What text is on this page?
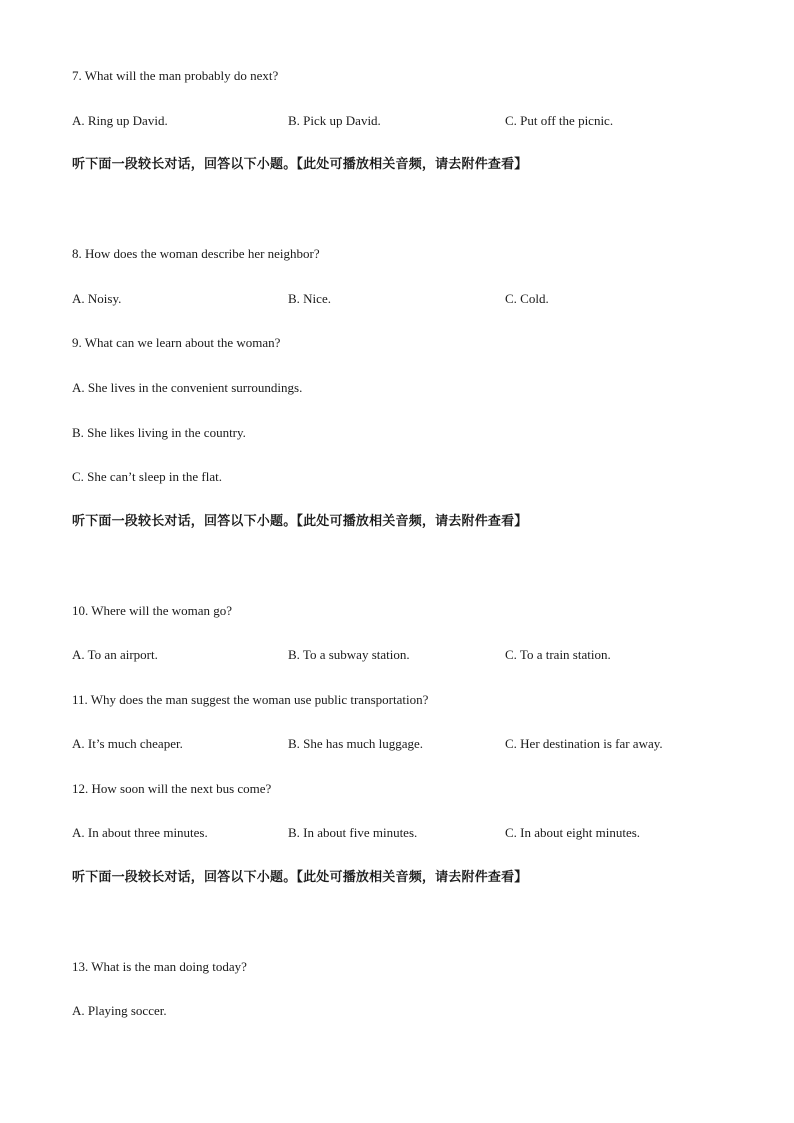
7. What will the man probably do next?
A. Ring up David.	B. Pick up David.	C. Put off the picnic.
听下面一段较长对话，回答以下小题。【此处可播放相关音频，请去附件查看】
8. How does the woman describe her neighbor?
A. Noisy.	B. Nice.	C. Cold.
9. What can we learn about the woman?
A. She lives in the convenient surroundings.
B. She likes living in the country.
C. She can’t sleep in the flat.
听下面一段较长对话，回答以下小题。【此处可播放相关音频，请去附件查看】
10. Where will the woman go?
A. To an airport.	B. To a subway station.	C. To a train station.
11. Why does the man suggest the woman use public transportation?
A. It’s much cheaper.	B. She has much luggage.	C. Her destination is far away.
12. How soon will the next bus come?
A. In about three minutes.	B. In about five minutes.	C. In about eight minutes.
听下面一段较长对话，回答以下小题。【此处可播放相关音频，请去附件查看】
13. What is the man doing today?
A. Playing soccer.
